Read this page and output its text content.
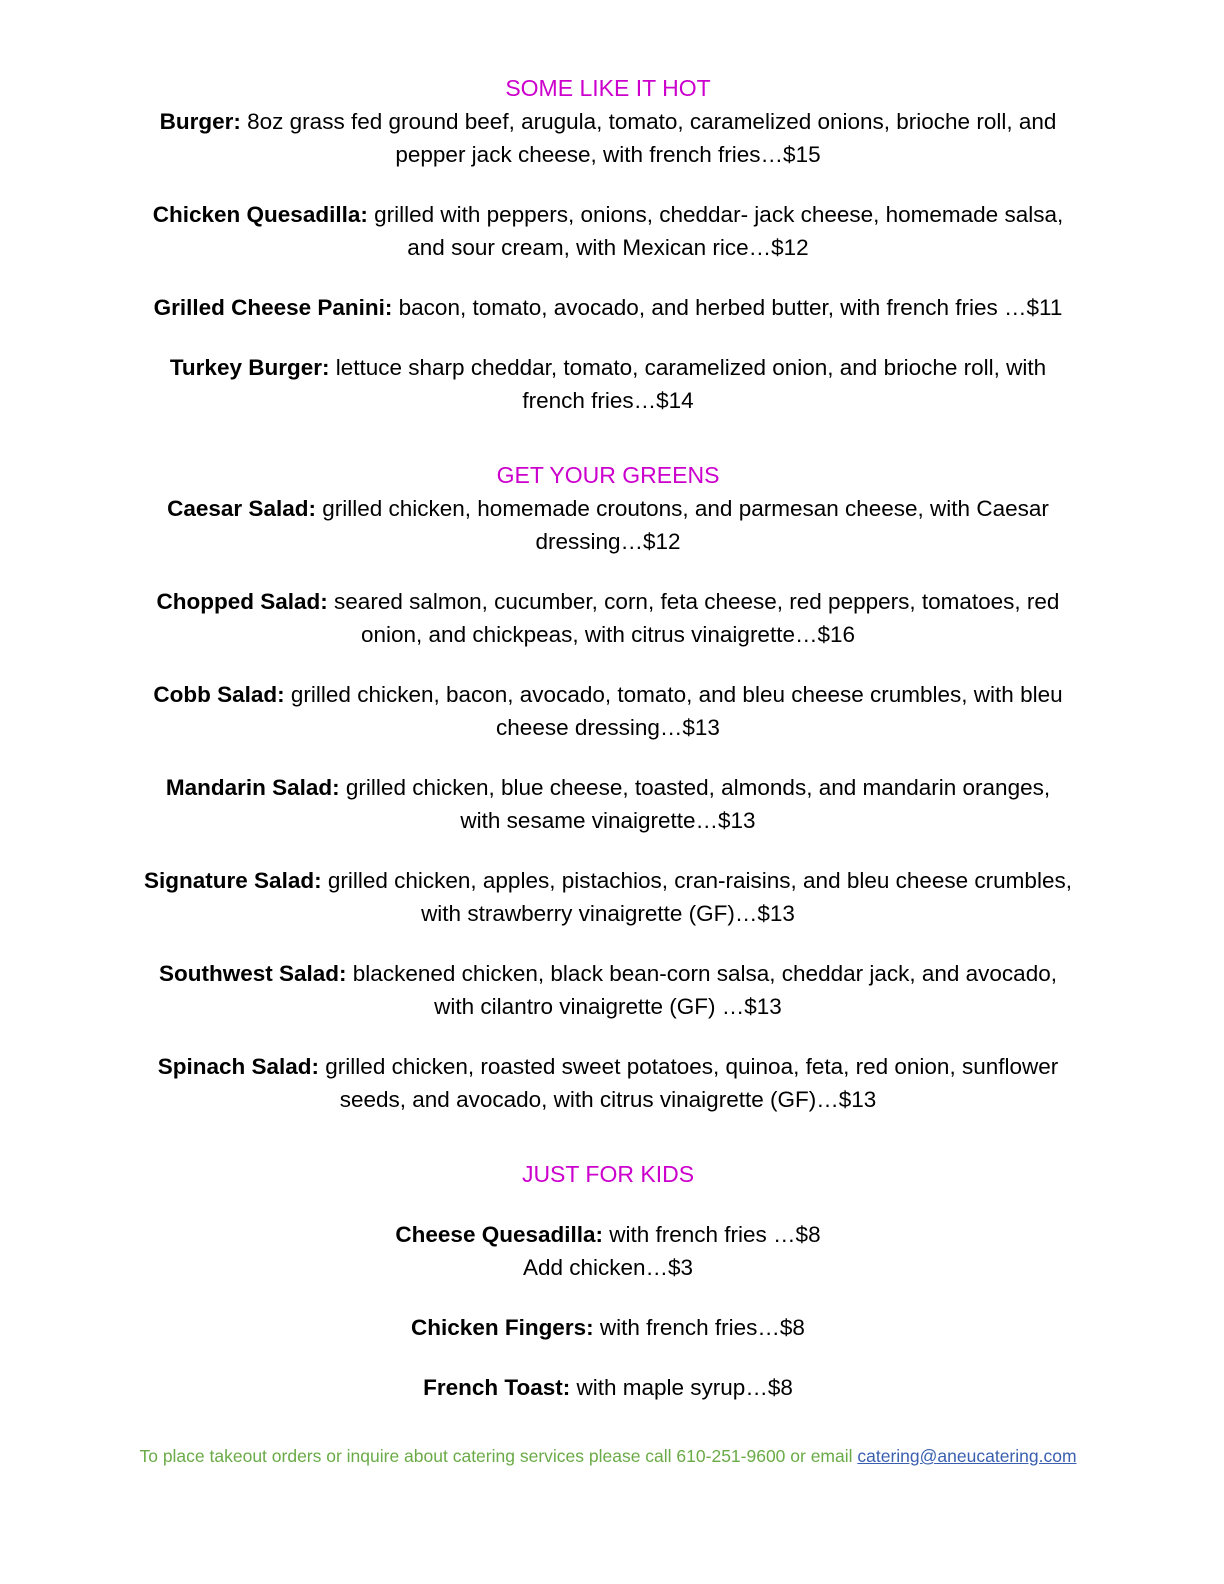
SOME LIKE IT HOT

Burger: 8oz grass fed ground beef, arugula, tomato, caramelized onions, brioche roll, and
pepper jack cheese, with french fries…$15

Chicken Quesadilla: grilled with peppers, onions, cheddar- jack cheese, homemade salsa,
and sour cream, with Mexican rice…$12

Grilled Cheese Panini: bacon, tomato, avocado, and herbed butter, with french fries …$11

Turkey Burger: lettuce sharp cheddar, tomato, caramelized onion, and brioche roll, with
french fries…$14

GET YOUR GREENS

Caesar Salad: grilled chicken, homemade croutons, and parmesan cheese, with Caesar
dressing…$12

Chopped Salad: seared salmon, cucumber, corn, feta cheese, red peppers, tomatoes, red
onion, and chickpeas, with citrus vinaigrette…$16

Cobb Salad: grilled chicken, bacon, avocado, tomato, and bleu cheese crumbles, with bleu
cheese dressing…$13

Mandarin Salad: grilled chicken, blue cheese, toasted, almonds, and mandarin oranges,
with sesame vinaigrette…$13

Signature Salad: grilled chicken, apples, pistachios, cran-raisins, and bleu cheese crumbles,
with strawberry vinaigrette (GF)…$13

Southwest Salad: blackened chicken, black bean-corn salsa, cheddar jack, and avocado,
with cilantro vinaigrette (GF) …$13

Spinach Salad: grilled chicken, roasted sweet potatoes, quinoa, feta, red onion, sunflower
seeds, and avocado, with citrus vinaigrette (GF)…$13

JUST FOR KIDS

Cheese Quesadilla: with french fries …$8
Add chicken…$3

Chicken Fingers: with french fries…$8

French Toast: with maple syrup…$8

To place takeout orders or inquire about catering services please call 610-251-9600 or email catering@aneucatering.com
